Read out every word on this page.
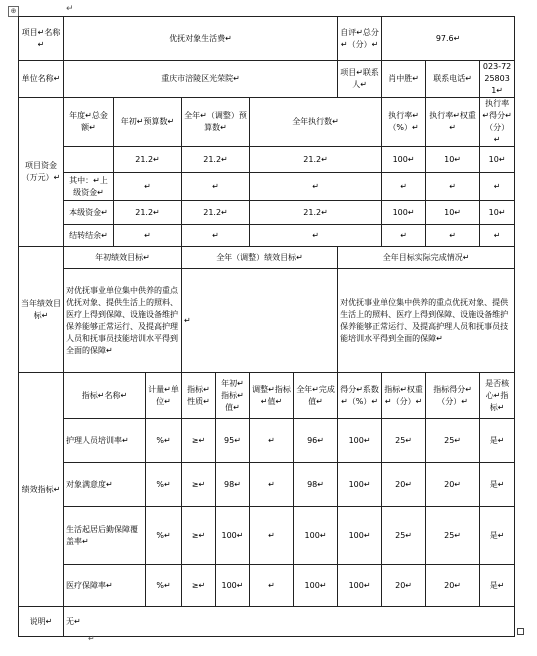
⊕	↵
项目↵名称↵	优抚对象生活费↵							自评↵总分↵（分）↵	97.6↵		
单位名称↵	重庆市涪陵区光荣院↵							项目↵联系人↵	肖中胜↵	联系电话↵	023-72258031↵
项目资金（万元）↵	年度↵总金额↵	年初↵预算数↵		全年↵（调整）预算数↵		全年执行数↵			执行率↵（%）↵	执行率↵权重↵	执行率↵得分↵（分）↵
		21.2↵		21.2↵		21.2↵			100↵	10↵	10↵
	其中：↵上级资金↵	↵		↵		↵			↵	↵	↵
	本级资金↵	21.2↵		21.2↵		21.2↵			100↵	10↵	10↵
	结转结余↵	↵		↵		↵			↵	↵	↵
当年绩效目标↵	年初绩效目标↵			全年（调整）绩效目标↵				全年目标实际完成情况↵			
	对优抚事业单位集中供养的重点优抚对象、提供生活上的照料、医疗上得到保障、设施设备维护保养能够正常运行、及提高护理人员和抚事员技能培训水平得到全面的保障↵			↵				对优抚事业单位集中供养的重点优抚对象、提供生活上的照料、医疗上得到保障、设施设备维护保养能够正常运行、及提高护理人员和抚事员技能培训水平得到全面的保障↵			
绩效指标↵	指标↵名称↵		计量↵单位↵	指标↵性质↵	年初↵指标↵值↵	调整↵指标↵值↵	全年↵完成值↵	得分↵系数↵（%）↵	指标↵权重↵（分）↵	指标得分↵（分）↵	是否核心↵指标↵
	护理人员培训率↵		%↵	≥↵	95↵	↵	96↵	100↵	25↵	25↵	是↵
	对象满意度↵		%↵	≥↵	98↵	↵	98↵	100↵	20↵	20↵	是↵
	生活起居后勤保障覆盖率↵		%↵	≥↵	100↵	↵	100↵	100↵	25↵	25↵	是↵
	医疗保障率↵		%↵	≥↵	100↵	↵	100↵	100↵	20↵	20↵	是↵
说明↵	无↵										
↵
